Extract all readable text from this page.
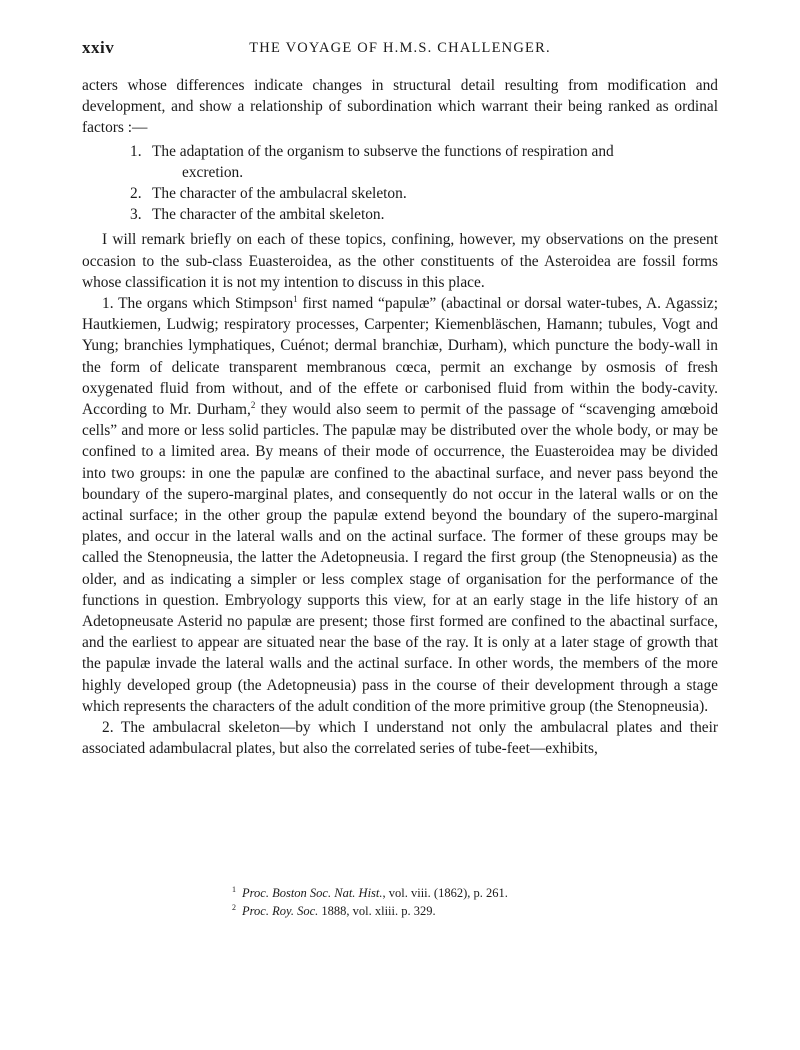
xxiv	THE VOYAGE OF H.M.S. CHALLENGER.

acters whose differences indicate changes in structural detail resulting from modification and development, and show a relationship of subordination which warrant their being ranked as ordinal factors :—

1. The adaptation of the organism to subserve the functions of respiration and
excretion.
2. The character of the ambulacral skeleton.
3. The character of the ambital skeleton.

I will remark briefly on each of these topics, confining, however, my observations on the present occasion to the sub-class Euasteroidea, as the other constituents of the Asteroidea are fossil forms whose classification it is not my intention to discuss in this place.

1. The organs which Stimpson$^1$ first named “papulæ” (abactinal or dorsal water-tubes, A. Agassiz; Hautkiemen, Ludwig; respiratory processes, Carpenter; Kiemenbläschen, Hamann; tubules, Vogt and Yung; branchies lymphatiques, Cuénot; dermal branchiæ, Durham), which puncture the body-wall in the form of delicate transparent membranous cœca, permit an exchange by osmosis of fresh oxygenated fluid from without, and of the effete or carbonised fluid from within the body-cavity. According to Mr. Durham,$^2$ they would also seem to permit of the passage of “scavenging amœboid cells” and more or less solid particles. The papulæ may be distributed over the whole body, or may be confined to a limited area. By means of their mode of occurrence, the Euasteroidea may be divided into two groups: in one the papulæ are confined to the abactinal surface, and never pass beyond the boundary of the supero-marginal plates, and consequently do not occur in the lateral walls or on the actinal surface; in the other group the papulæ extend beyond the boundary of the supero-marginal plates, and occur in the lateral walls and on the actinal surface. The former of these groups may be called the Stenopneusia, the latter the Adetopneusia. I regard the first group (the Stenopneusia) as the older, and as indicating a simpler or less complex stage of organisation for the performance of the functions in question. Embryology supports this view, for at an early stage in the life history of an Adetopneusate Asterid no papulæ are present; those first formed are confined to the abactinal surface, and the earliest to appear are situated near the base of the ray. It is only at a later stage of growth that the papulæ invade the lateral walls and the actinal surface. In other words, the members of the more highly developed group (the Adetopneusia) pass in the course of their development through a stage which represents the characters of the adult condition of the more primitive group (the Stenopneusia).

2. The ambulacral skeleton—by which I understand not only the ambulacral plates and their associated adambulacral plates, but also the correlated series of tube-feet—exhibits,

$^1$ Proc. Boston Soc. Nat. Hist., vol. viii. (1862), p. 261.
$^2$ Proc. Roy. Soc. 1888, vol. xliii. p. 329.
